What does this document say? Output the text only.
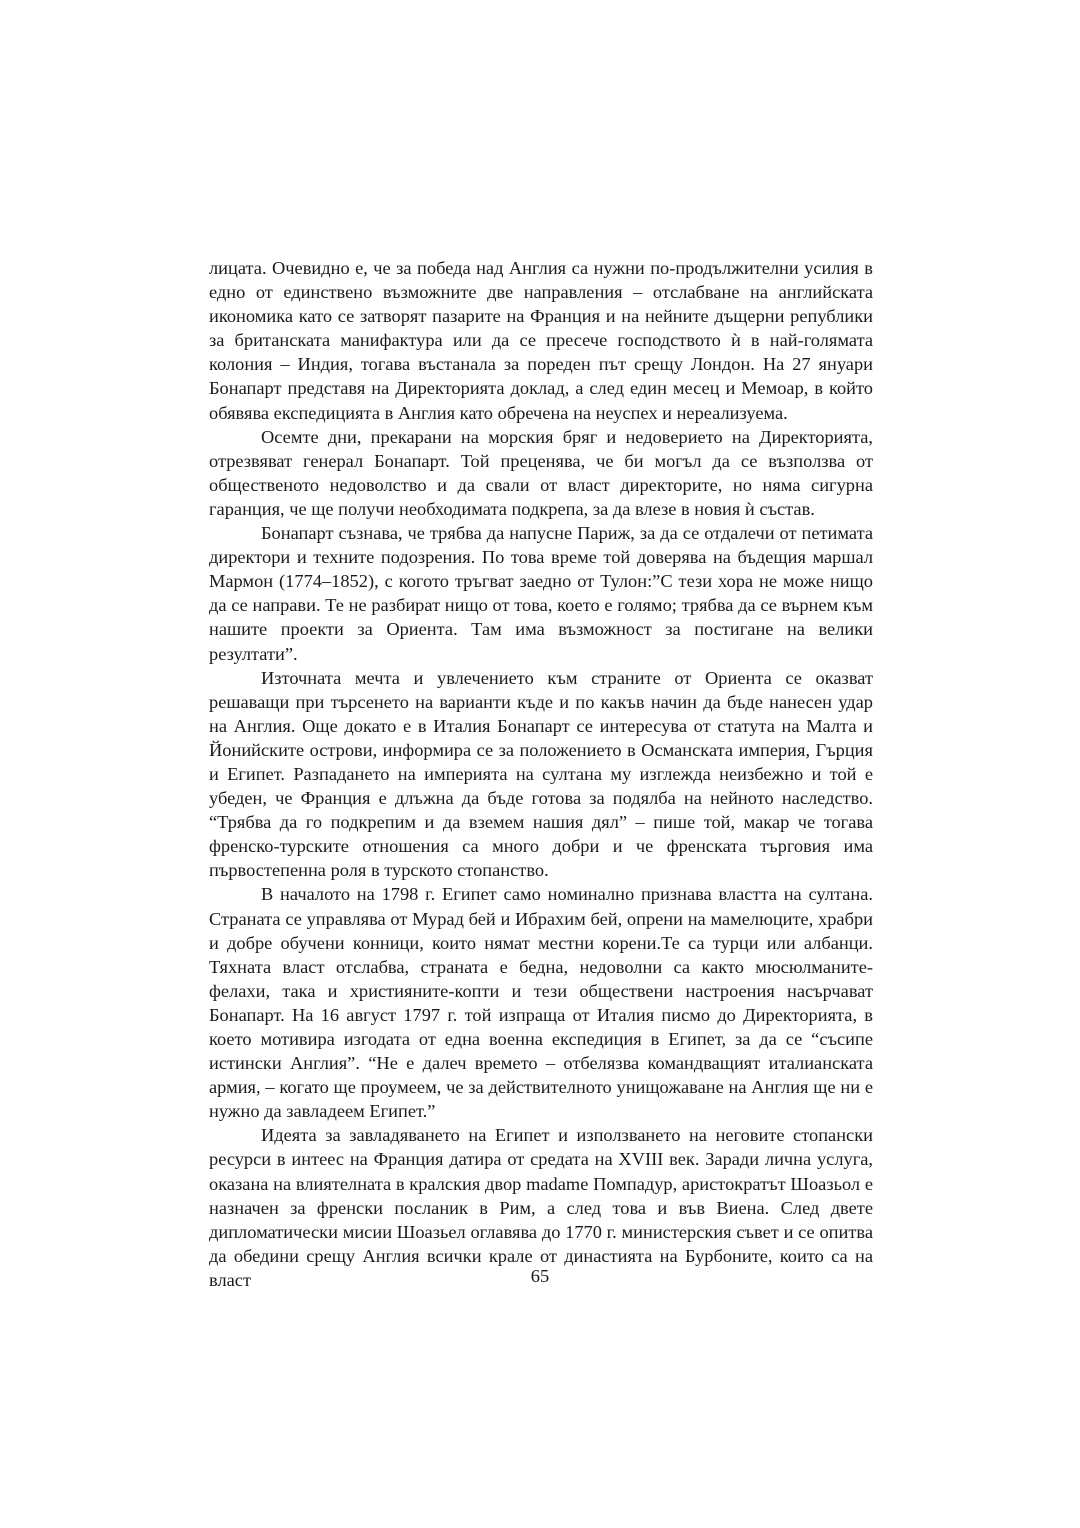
лицата. Очевидно е, че за победа над Англия са нужни по-продължителни усилия в едно от единствено възможните две направления – отслабване на английската икономика като се затворят пазарите на Франция и на нейните дъщерни републики за британската манифактура или да се пресече господството ѝ в най-голямата колония – Индия, тогава въстанала за пореден път срещу Лондон. На 27 януари Бонапарт представя на Директорията доклад, а след един месец и Мемоар, в който обявява експедицията в Англия като обречена на неуспех и нереализуема.

Осемте дни, прекарани на морския бряг и недоверието на Директорията, отрезвяват генерал Бонапарт. Той преценява, че би могъл да се възползва от общественото недоволство и да свали от власт директорите, но няма сигурна гаранция, че ще получи необходимата подкрепа, за да влезе в новия ѝ състав.

Бонапарт съзнава, че трябва да напусне Париж, за да се отдалечи от петимата директори и техните подозрения. По това време той доверява на бъдещия маршал Мармон (1774–1852), с когото тръгват заедно от Тулон:”С тези хора не може нищо да се направи. Те не разбират нищо от това, което е голямо; трябва да се върнем към нашите проекти за Ориента. Там има възможност за постигане на велики резултати”.

Източната мечта и увлечението към страните от Ориента се оказват решаващи при търсенето на варианти къде и по какъв начин да бъде нанесен удар на Англия. Още докато е в Италия Бонапарт се интересува от статута на Малта и Йонийските острови, информира се за положението в Османската империя, Гърция и Египет. Разпадането на империята на султана му изглежда неизбежно и той е убеден, че Франция е длъжна да бъде готова за подялба на нейното наследство. “Трябва да го подкрепим и да вземем нашия дял” – пише той, макар че тогава френско-турските отношения са много добри и че френската търговия има първостепенна роля в турското стопанство.

В началото на 1798 г. Египет само номинално признава властта на султана. Страната се управлява от Мурад бей и Ибрахим бей, опрени на мамелюците, храбри и добре обучени конници, които нямат местни корени.Те са турци или албанци. Тяхната власт отслабва, страната е бедна, недоволни са както мюсюлманите-фелахи, така и християните-копти и тези обществени настроения насърчават Бонапарт. На 16 август 1797 г. той изпраща от Италия писмо до Директорията, в което мотивира изгодата от една военна експедиция в Египет, за да се “съсипе истински Англия”. “Не е далеч времето – отбелязва командващият италианската армия, – когато ще проумеем, че за действителното унищожаване на Англия ще ни е нужно да завладеем Египет.”

Идеята за завладяването на Египет и използването на неговите стопански ресурси в интеес на Франция датира от средата на XVIII век. Заради лична услуга, оказана на влиятелната в кралския двор madame Помпадур, аристократът Шоазьол е назначен за френски посланик в Рим, а след това и във Виена. След двете дипломатически мисии Шоазьел оглавява до 1770 г. министерския съвет и се опитва да обедини срещу Англия всички крале от династията на Бурбоните, които са на власт	65
